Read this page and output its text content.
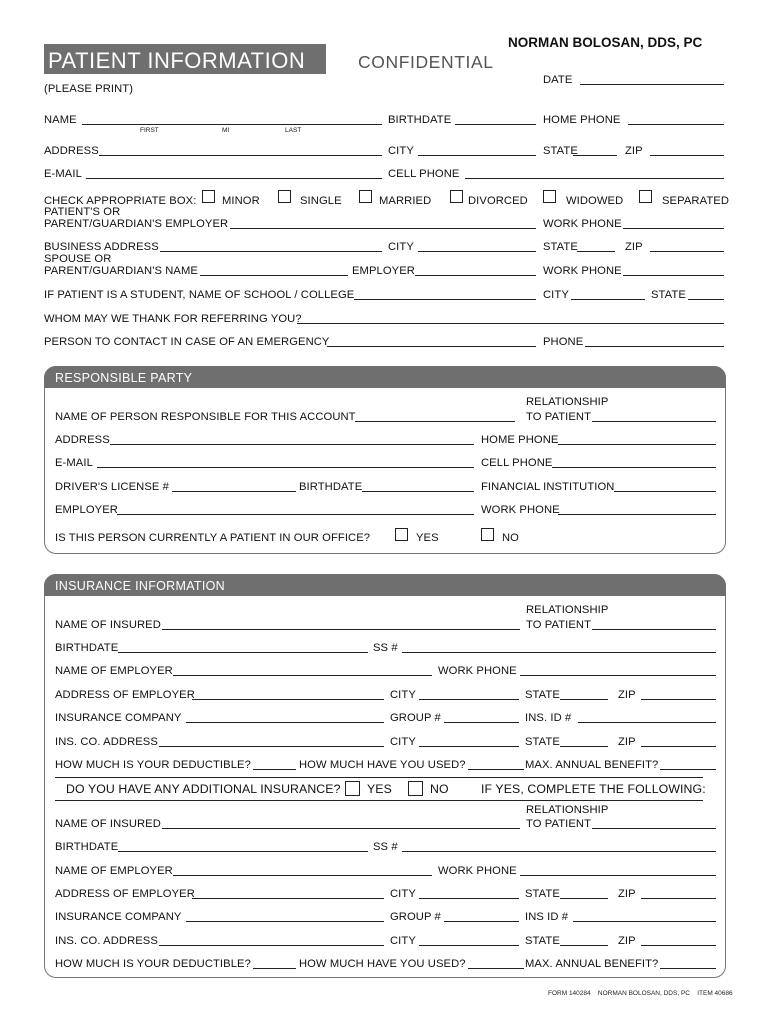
NORMAN BOLOSAN, DDS, PC
PATIENT INFORMATION	CONFIDENTIAL
(PLEASE PRINT)
DATE
NAME
FIRST	MI	LAST
BIRTHDATE	HOME PHONE
ADDRESS	CITY	STATE	ZIP
E-MAIL	CELL PHONE
CHECK APPROPRIATE BOX: MINOR	SINGLE	MARRIED	DIVORCED	WIDOWED	SEPARATED
PATIENT'S OR
PARENT/GUARDIAN'S EMPLOYER	WORK PHONE
BUSINESS ADDRESS	CITY	STATE	ZIP
SPOUSE OR
PARENT/GUARDIAN'S NAME	EMPLOYER	WORK PHONE
IF PATIENT IS A STUDENT, NAME OF SCHOOL / COLLEGE	CITY	STATE
WHOM MAY WE THANK FOR REFERRING YOU?
PERSON TO CONTACT IN CASE OF AN EMERGENCY	PHONE
RESPONSIBLE PARTY
RELATIONSHIP
NAME OF PERSON RESPONSIBLE FOR THIS ACCOUNT	TO PATIENT
ADDRESS	HOME PHONE
E-MAIL	CELL PHONE
DRIVER'S LICENSE #	BIRTHDATE	FINANCIAL INSTITUTION
EMPLOYER	WORK PHONE
IS THIS PERSON CURRENTLY A PATIENT IN OUR OFFICE?	YES	NO
INSURANCE INFORMATION
RELATIONSHIP
NAME OF INSURED	TO PATIENT
BIRTHDATE	SS #
NAME OF EMPLOYER	WORK PHONE
ADDRESS OF EMPLOYER	CITY	STATE	ZIP
INSURANCE COMPANY	GROUP #	INS. ID #
INS. CO. ADDRESS	CITY	STATE	ZIP
HOW MUCH IS YOUR DEDUCTIBLE?	HOW MUCH HAVE YOU USED?	MAX. ANNUAL BENEFIT?
DO YOU HAVE ANY ADDITIONAL INSURANCE? YES	NO	IF YES, COMPLETE THE FOLLOWING:
RELATIONSHIP
NAME OF INSURED	TO PATIENT
BIRTHDATE	SS #
NAME OF EMPLOYER	WORK PHONE
ADDRESS OF EMPLOYER	CITY	STATE	ZIP
INSURANCE COMPANY	GROUP #	INS ID #
INS. CO. ADDRESS	CITY	STATE	ZIP
HOW MUCH IS YOUR DEDUCTIBLE?	HOW MUCH HAVE YOU USED?	MAX. ANNUAL BENEFIT?
FORM 140284 NORMAN BOLOSAN, DDS, PC ITEM 40686
